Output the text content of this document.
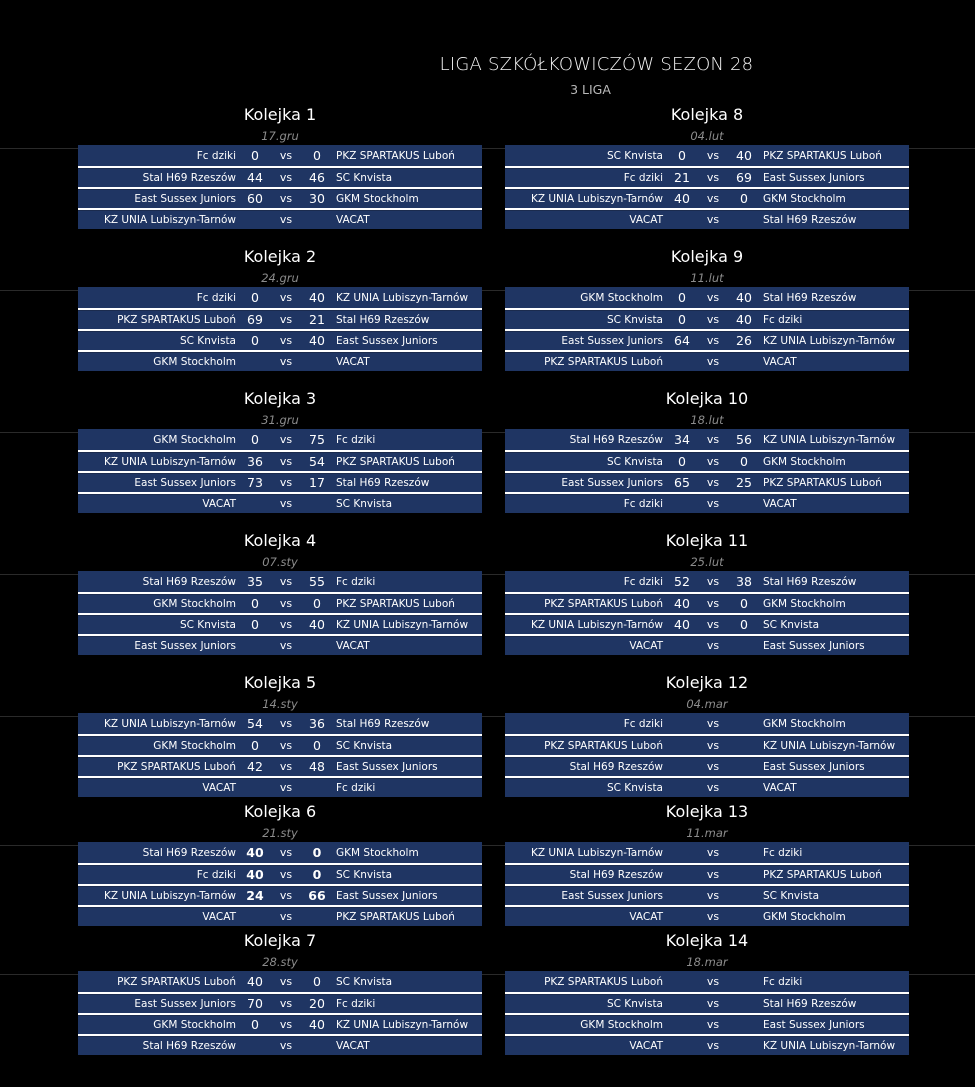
LIGA SZKÓŁKOWICZÓW SEZON 28
3 LIGA
Kolejka 1
17.gru
Fc dziki	0	vs	0	PKŻ SPARTAKUS Luboń
Stal H69 Rzeszów 44	vs	46	SC Knvista
East Sussex Juniors 60	vs	30	GKM Stockholm
KŻ UNIA Lubiszyn-Tarnów	vs	VACAT
Kolejka 2
24.gru
Fc dziki	0	vs	40	KŻ UNIA Lubiszyn-Tarnów
PKŻ SPARTAKUS Luboń 69	vs	21	Stal H69 Rzeszów
SC Knvista	0	vs	40	East Sussex Juniors
GKM Stockholm	vs	VACAT
Kolejka 3
31.gru
GKM Stockholm	0	vs	75	Fc dziki
KŻ UNIA Lubiszyn-Tarnów 36	vs	54	PKŻ SPARTAKUS Luboń
East Sussex Juniors 73	vs	17	Stal H69 Rzeszów
VACAT	vs	SC Knvista
Kolejka 4
07.sty
Stal H69 Rzeszów 35	vs	55	Fc dziki
GKM Stockholm	0	vs	0	PKŻ SPARTAKUS Luboń
SC Knvista	0	vs	40	KŻ UNIA Lubiszyn-Tarnów
East Sussex Juniors	vs	VACAT
Kolejka 5
14.sty
KŻ UNIA Lubiszyn-Tarnów 54	vs	36	Stal H69 Rzeszów
GKM Stockholm	0	vs	0	SC Knvista
PKŻ SPARTAKUS Luboń 42	vs	48	East Sussex Juniors
VACAT	vs	Fc dziki
Kolejka 6
21.sty
Stal H69 Rzeszów 40	vs	0	GKM Stockholm
Fc dziki 40	vs	0	SC Knvista
KŻ UNIA Lubiszyn-Tarnów 24	vs	66 East Sussex Juniors
VACAT	vs	PKŻ SPARTAKUS Luboń
Kolejka 7
28.sty
PKŻ SPARTAKUS Luboń 40	vs	0	SC Knvista
East Sussex Juniors 70	vs	20	Fc dziki
GKM Stockholm	0	vs	40	KŻ UNIA Lubiszyn-Tarnów
Stal H69 Rzeszów	vs	VACAT
Kolejka 8
04.lut
SC Knvista	0	vs	40	PKŻ SPARTAKUS Luboń
Fc dziki 21	vs	69	East Sussex Juniors
KŻ UNIA Lubiszyn-Tarnów 40	vs	0	GKM Stockholm
VACAT	vs	Stal H69 Rzeszów
Kolejka 9
11.lut
GKM Stockholm	0	vs	40	Stal H69 Rzeszów
SC Knvista	0	vs	40	Fc dziki
East Sussex Juniors 64	vs	26	KŻ UNIA Lubiszyn-Tarnów
PKŻ SPARTAKUS Luboń	vs	VACAT
Kolejka 10
18.lut
Stal H69 Rzeszów 34	vs	56	KŻ UNIA Lubiszyn-Tarnów
SC Knvista	0	vs	0	GKM Stockholm
East Sussex Juniors 65	vs	25	PKŻ SPARTAKUS Luboń
Fc dziki	vs	VACAT
Kolejka 11
25.lut
Fc dziki 52	vs	38	Stal H69 Rzeszów
PKŻ SPARTAKUS Luboń 40	vs	0	GKM Stockholm
KŻ UNIA Lubiszyn-Tarnów 40	vs	0	SC Knvista
VACAT	vs	East Sussex Juniors
Kolejka 12
04.mar
Fc dziki	vs	GKM Stockholm
PKŻ SPARTAKUS Luboń	vs	KŻ UNIA Lubiszyn-Tarnów
Stal H69 Rzeszów	vs	East Sussex Juniors
SC Knvista	vs	VACAT
Kolejka 13
11.mar
KŻ UNIA Lubiszyn-Tarnów	vs	Fc dziki
Stal H69 Rzeszów	vs	PKŻ SPARTAKUS Luboń
East Sussex Juniors	vs	SC Knvista
VACAT	vs	GKM Stockholm
Kolejka 14
18.mar
PKŻ SPARTAKUS Luboń	vs	Fc dziki
SC Knvista	vs	Stal H69 Rzeszów
GKM Stockholm	vs	East Sussex Juniors
VACAT	vs	KŻ UNIA Lubiszyn-Tarnów
